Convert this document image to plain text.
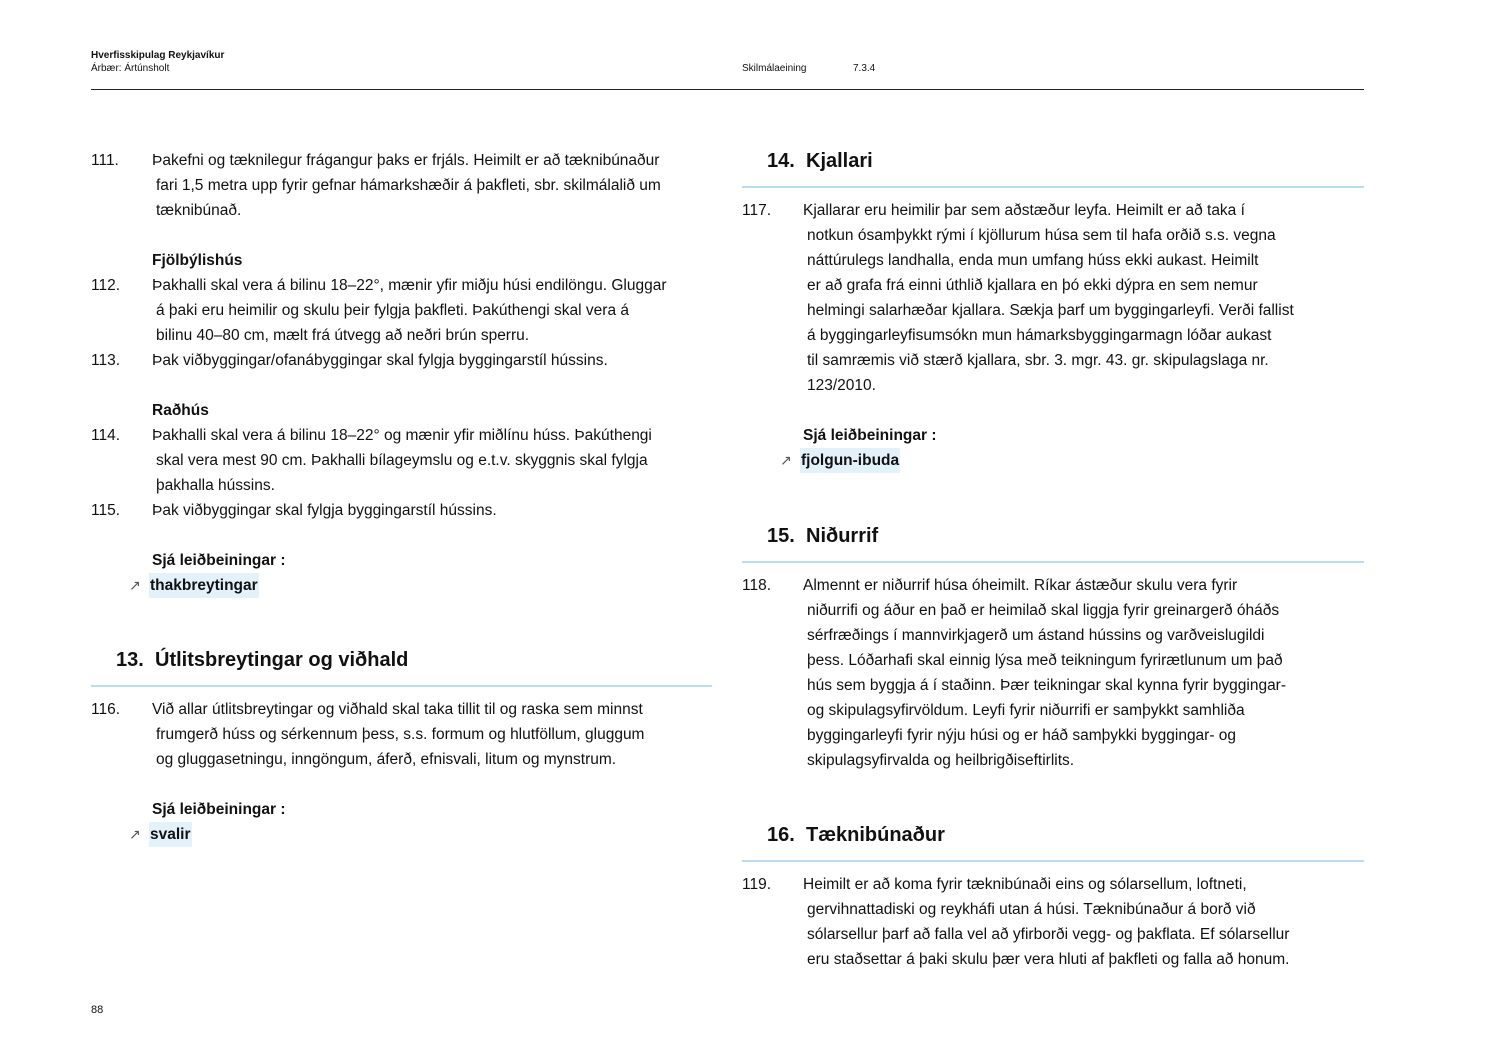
Hverfisskipulag Reykjavíkur
Árbær: Ártúnsholt	Skilmálaeining	7.3.4
111. Þakefni og tæknilegur frágangur þaks er frjáls. Heimilt er að tæknibúnaður
fari 1,5 metra upp fyrir gefnar hámarkshæðir á þakfleti, sbr. skilmálalið um
tæknibúnað.
Fjölbýlishús
112. Þakhalli skal vera á bilinu 18–22°, mænir yfir miðju húsi endilöngu. Gluggar
á þaki eru heimilir og skulu þeir fylgja þakfleti. Þakúthengi skal vera á
bilinu 40–80 cm, mælt frá útvegg að neðri brún sperru.
113. Þak viðbyggingar/ofanábyggingar skal fylgja byggingarstíl hússins.
Raðhús
114. Þakhalli skal vera á bilinu 18–22° og mænir yfir miðlínu húss. Þakúthengi
skal vera mest 90 cm. Þakhalli bílageymslu og e.t.v. skyggnis skal fylgja
þakhalla hússins.
115. Þak viðbyggingar skal fylgja byggingarstíl hússins.
Sjá leiðbeiningar :
↗ thakbreytingar
13. Útlitsbreytingar og viðhald
116. Við allar útlitsbreytingar og viðhald skal taka tillit til og raska sem minnst
frumgerð húss og sérkennum þess, s.s. formum og hlutföllum, gluggum
og gluggasetningu, inngöngum, áferð, efnisvali, litum og mynstrum.
Sjá leiðbeiningar :
↗ svalir
14. Kjallari
117. Kjallarar eru heimilir þar sem aðstæður leyfa. Heimilt er að taka í
notkun ósamþykkt rými í kjöllurum húsa sem til hafa orðið s.s. vegna
náttúrulegs landhalla, enda mun umfang húss ekki aukast. Heimilt
er að grafa frá einni úthlið kjallara en þó ekki dýpra en sem nemur
helmingi salarhæðar kjallara. Sækja þarf um byggingarleyfi. Verði fallist
á byggingarleyfisumsókn mun hámarksbyggingarmagn lóðar aukast
til samræmis við stærð kjallara, sbr. 3. mgr. 43. gr. skipulagslaga nr.
123/2010.
Sjá leiðbeiningar :
↗ fjolgun-ibuda
15. Niðurrif
118. Almennt er niðurrif húsa óheimilt. Ríkar ástæður skulu vera fyrir
niðurrifi og áður en það er heimilað skal liggja fyrir greinargerð óháðs
sérfræðings í mannvirkjagerð um ástand hússins og varðveislugildi
þess. Lóðarhafi skal einnig lýsa með teikningum fyrirætlunum um það
hús sem byggja á í staðinn. Þær teikningar skal kynna fyrir byggingar-
og skipulagsyfirvöldum. Leyfi fyrir niðurrifi er samþykkt samhliða
byggingarleyfi fyrir nýju húsi og er háð samþykki byggingar- og
skipulagsyfirvalda og heilbrigðiseftirlits.
16. Tæknibúnaður
119. Heimilt er að koma fyrir tæknibúnaði eins og sólarsellum, loftneti,
gervihnattadiski og reykháfi utan á húsi. Tæknibúnaður á borð við
sólarsellur þarf að falla vel að yfirborði vegg- og þakflata. Ef sólarsellur
eru staðsettar á þaki skulu þær vera hluti af þakfleti og falla að honum.
88
